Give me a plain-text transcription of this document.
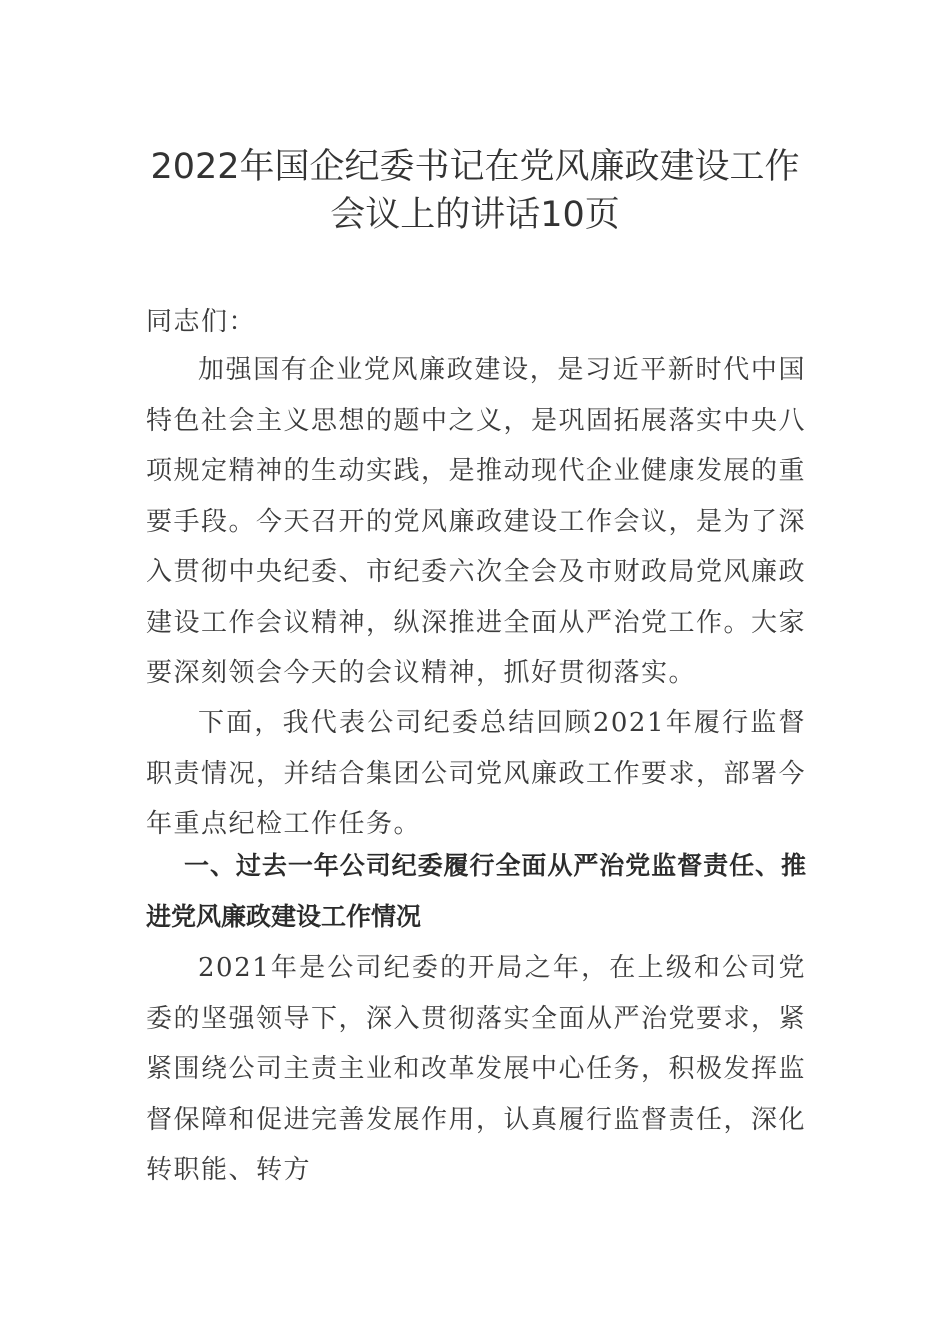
2022年国企纪委书记在党风廉政建设工作
会议上的讲话10页

同志们：

加强国有企业党风廉政建设，是习近平新时代中国特色社会主义思想的题中之义，是巩固拓展落实中央八项规定精神的生动实践，是推动现代企业健康发展的重要手段。今天召开的党风廉政建设工作会议，是为了深入贯彻中央纪委、市纪委六次全会及市财政局党风廉政建设工作会议精神，纵深推进全面从严治党工作。大家要深刻领会今天的会议精神，抓好贯彻落实。

下面，我代表公司纪委总结回顾2021年履行监督职责情况，并结合集团公司党风廉政工作要求，部署今年重点纪检工作任务。

一、过去一年公司纪委履行全面从严治党监督责任、推进党风廉政建设工作情况

2021年是公司纪委的开局之年，在上级和公司党委的坚强领导下，深入贯彻落实全面从严治党要求，紧紧围绕公司主责主业和改革发展中心任务，积极发挥监督保障和促进完善发展作用，认真履行监督责任，深化转职能、转方
